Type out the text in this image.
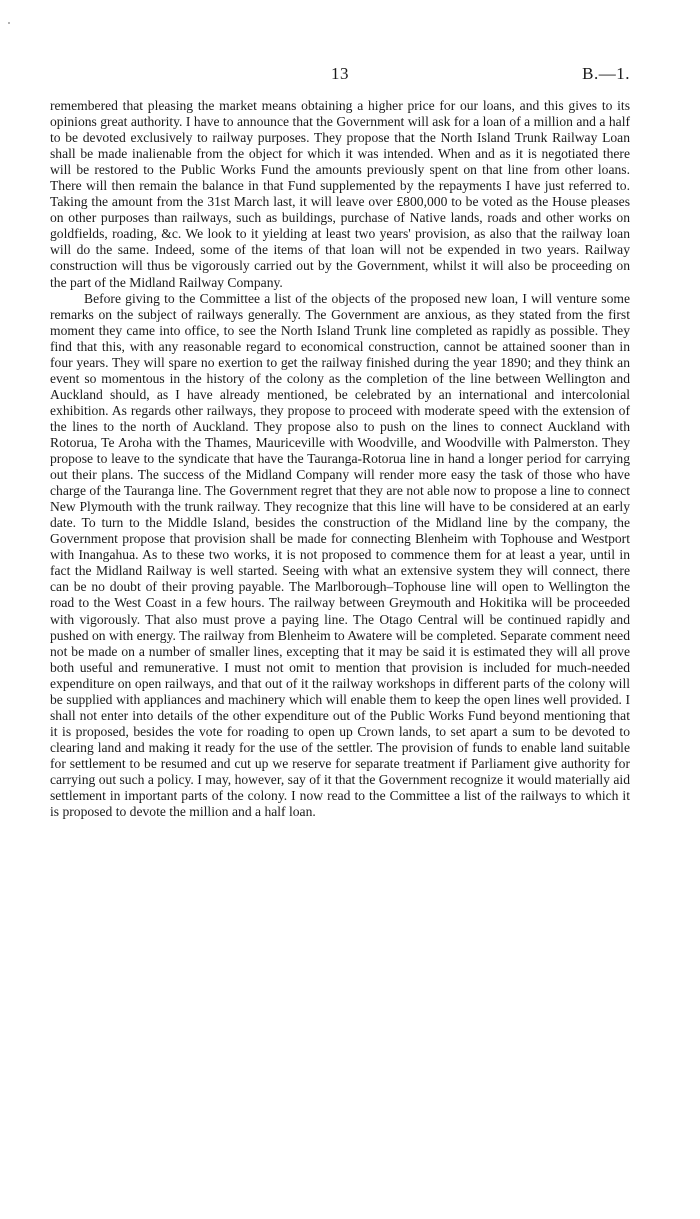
13	B.—1.

remembered that pleasing the market means obtaining a higher price for our loans, and this gives to its opinions great authority. I have to announce that the Government will ask for a loan of a million and a half to be devoted exclusively to railway purposes. They propose that the North Island Trunk Railway Loan shall be made inalienable from the object for which it was intended. When and as it is negotiated there will be restored to the Public Works Fund the amounts previously spent on that line from other loans. There will then remain the balance in that Fund supplemented by the repayments I have just referred to. Taking the amount from the 31st March last, it will leave over £800,000 to be voted as the House pleases on other purposes than railways, such as buildings, purchase of Native lands, roads and other works on goldfields, roading, &c. We look to it yielding at least two years' provision, as also that the railway loan will do the same. Indeed, some of the items of that loan will not be expended in two years. Railway construction will thus be vigorously carried out by the Government, whilst it will also be proceeding on the part of the Midland Railway Company.

Before giving to the Committee a list of the objects of the proposed new loan, I will venture some remarks on the subject of railways generally. The Government are anxious, as they stated from the first moment they came into office, to see the North Island Trunk line completed as rapidly as possible. They find that this, with any reasonable regard to economical construction, cannot be attained sooner than in four years. They will spare no exertion to get the railway finished during the year 1890; and they think an event so momentous in the history of the colony as the completion of the line between Wellington and Auckland should, as I have already mentioned, be celebrated by an international and intercolonial exhibition. As regards other railways, they propose to proceed with moderate speed with the extension of the lines to the north of Auckland. They propose also to push on the lines to connect Auckland with Rotorua, Te Aroha with the Thames, Mauriceville with Woodville, and Woodville with Palmerston. They propose to leave to the syndicate that have the Tauranga-Rotorua line in hand a longer period for carrying out their plans. The success of the Midland Company will render more easy the task of those who have charge of the Tauranga line. The Government regret that they are not able now to propose a line to connect New Plymouth with the trunk railway. They recognize that this line will have to be considered at an early date. To turn to the Middle Island, besides the construction of the Midland line by the company, the Government propose that provision shall be made for connecting Blenheim with Tophouse and Westport with Inangahua. As to these two works, it is not proposed to commence them for at least a year, until in fact the Midland Railway is well started. Seeing with what an extensive system they will connect, there can be no doubt of their proving payable. The Marlborough–Tophouse line will open to Wellington the road to the West Coast in a few hours. The railway between Greymouth and Hokitika will be proceeded with vigorously. That also must prove a paying line. The Otago Central will be continued rapidly and pushed on with energy. The railway from Blenheim to Awatere will be completed. Separate comment need not be made on a number of smaller lines, excepting that it may be said it is estimated they will all prove both useful and remunerative. I must not omit to mention that provision is included for much-needed expenditure on open railways, and that out of it the railway workshops in different parts of the colony will be supplied with appliances and machinery which will enable them to keep the open lines well provided. I shall not enter into details of the other expenditure out of the Public Works Fund beyond mentioning that it is proposed, besides the vote for roading to open up Crown lands, to set apart a sum to be devoted to clearing land and making it ready for the use of the settler. The provision of funds to enable land suitable for settlement to be resumed and cut up we reserve for separate treatment if Parliament give authority for carrying out such a policy. I may, however, say of it that the Government recognize it would materially aid settlement in important parts of the colony. I now read to the Committee a list of the railways to which it is proposed to devote the million and a half loan.
